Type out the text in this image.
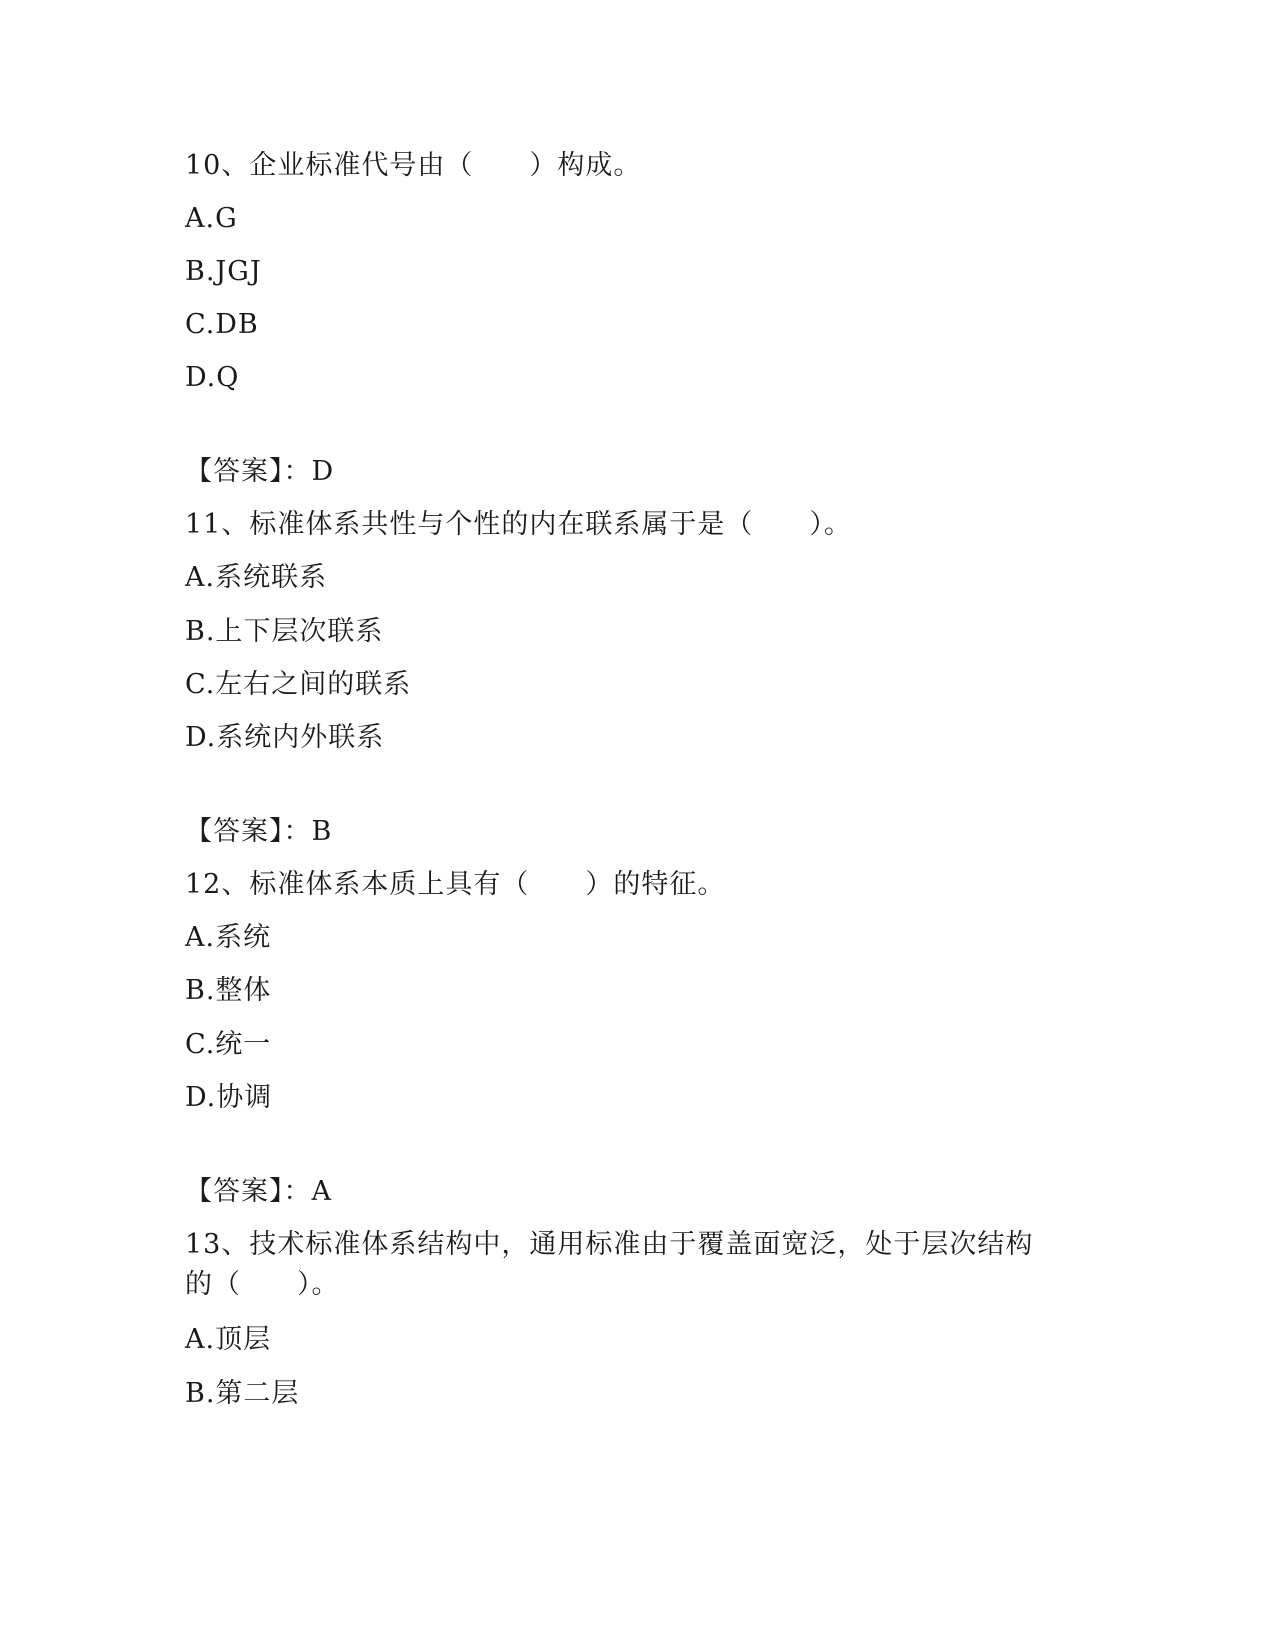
10、企业标准代号由（　　）构成。
A.G
B.JGJ
C.DB
D.Q
【答案】：D
11、标准体系共性与个性的内在联系属于是（　　）。
A.系统联系
B.上下层次联系
C.左右之间的联系
D.系统内外联系
【答案】：B
12、标准体系本质上具有（　　）的特征。
A.系统
B.整体
C.统一
D.协调
【答案】：A
13、技术标准体系结构中，通用标准由于覆盖面宽泛，处于层次结构
的（　　）。
A.顶层
B.第二层
